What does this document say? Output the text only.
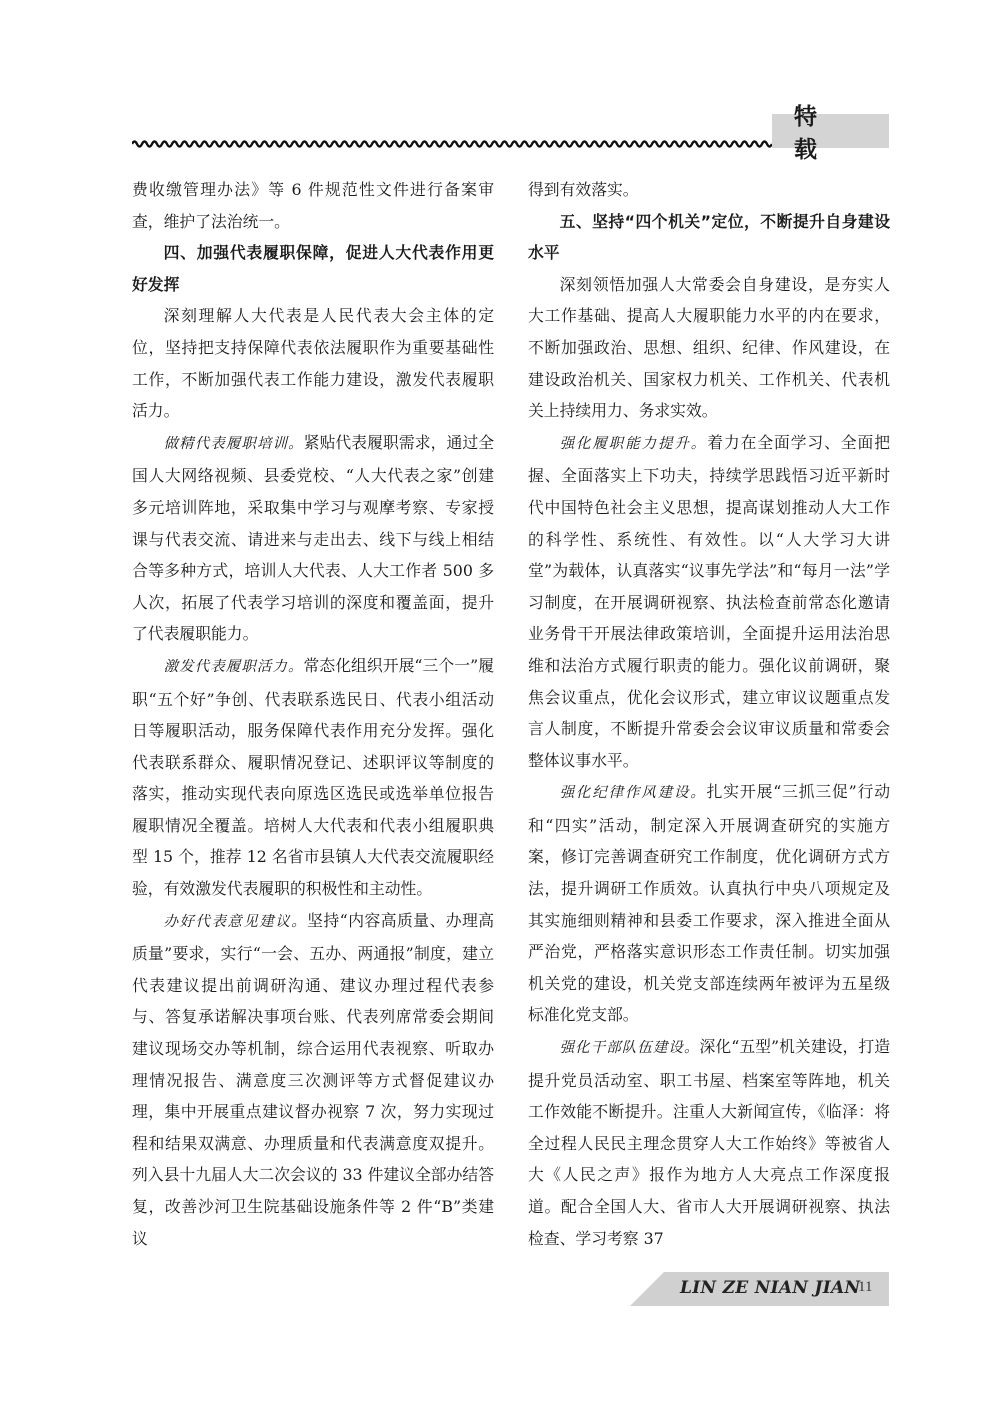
特 载

费收缴管理办法》等 6 件规范性文件进行备案审查，维护了法治统一。

四、加强代表履职保障，促进人大代表作用更好发挥

深刻理解人大代表是人民代表大会主体的定位，坚持把支持保障代表依法履职作为重要基础性工作，不断加强代表工作能力建设，激发代表履职活力。

做精代表履职培训。紧贴代表履职需求，通过全国人大网络视频、县委党校、“人大代表之家”创建多元培训阵地，采取集中学习与观摩考察、专家授课与代表交流、请进来与走出去、线下与线上相结合等多种方式，培训人大代表、人大工作者 500 多人次，拓展了代表学习培训的深度和覆盖面，提升了代表履职能力。

激发代表履职活力。常态化组织开展“三个一”履职“五个好”争创、代表联系选民日、代表小组活动日等履职活动，服务保障代表作用充分发挥。强化代表联系群众、履职情况登记、述职评议等制度的落实，推动实现代表向原选区选民或选举单位报告履职情况全覆盖。培树人大代表和代表小组履职典型 15 个，推荐 12 名省市县镇人大代表交流履职经验，有效激发代表履职的积极性和主动性。

办好代表意见建议。坚持“内容高质量、办理高质量”要求，实行“一会、五办、两通报”制度，建立代表建议提出前调研沟通、建议办理过程代表参与、答复承诺解决事项台账、代表列席常委会期间建议现场交办等机制，综合运用代表视察、听取办理情况报告、满意度三次测评等方式督促建议办理，集中开展重点建议督办视察 7 次，努力实现过程和结果双满意、办理质量和代表满意度双提升。列入县十九届人大二次会议的 33 件建议全部办结答复，改善沙河卫生院基础设施条件等 2 件“B”类建议

得到有效落实。

五、坚持“四个机关”定位，不断提升自身建设水平

深刻领悟加强人大常委会自身建设，是夯实人大工作基础、提高人大履职能力水平的内在要求，不断加强政治、思想、组织、纪律、作风建设，在建设政治机关、国家权力机关、工作机关、代表机关上持续用力、务求实效。

强化履职能力提升。着力在全面学习、全面把握、全面落实上下功夫，持续学思践悟习近平新时代中国特色社会主义思想，提高谋划推动人大工作的科学性、系统性、有效性。以“人大学习大讲堂”为载体，认真落实“议事先学法”和“每月一法”学习制度，在开展调研视察、执法检查前常态化邀请业务骨干开展法律政策培训，全面提升运用法治思维和法治方式履行职责的能力。强化议前调研，聚焦会议重点，优化会议形式，建立审议议题重点发言人制度，不断提升常委会会议审议质量和常委会整体议事水平。

强化纪律作风建设。扎实开展“三抓三促”行动和“四实”活动，制定深入开展调查研究的实施方案，修订完善调查研究工作制度，优化调研方式方法，提升调研工作质效。认真执行中央八项规定及其实施细则精神和县委工作要求，深入推进全面从严治党，严格落实意识形态工作责任制。切实加强机关党的建设，机关党支部连续两年被评为五星级标准化党支部。

强化干部队伍建设。深化“五型”机关建设，打造提升党员活动室、职工书屋、档案室等阵地，机关工作效能不断提升。注重人大新闻宣传，《临泽：将全过程人民民主理念贯穿人大工作始终》等被省人大《人民之声》报作为地方人大亮点工作深度报道。配合全国人大、省市人大开展调研视察、执法检查、学习考察 37

LIN ZE NIAN JIAN
11
